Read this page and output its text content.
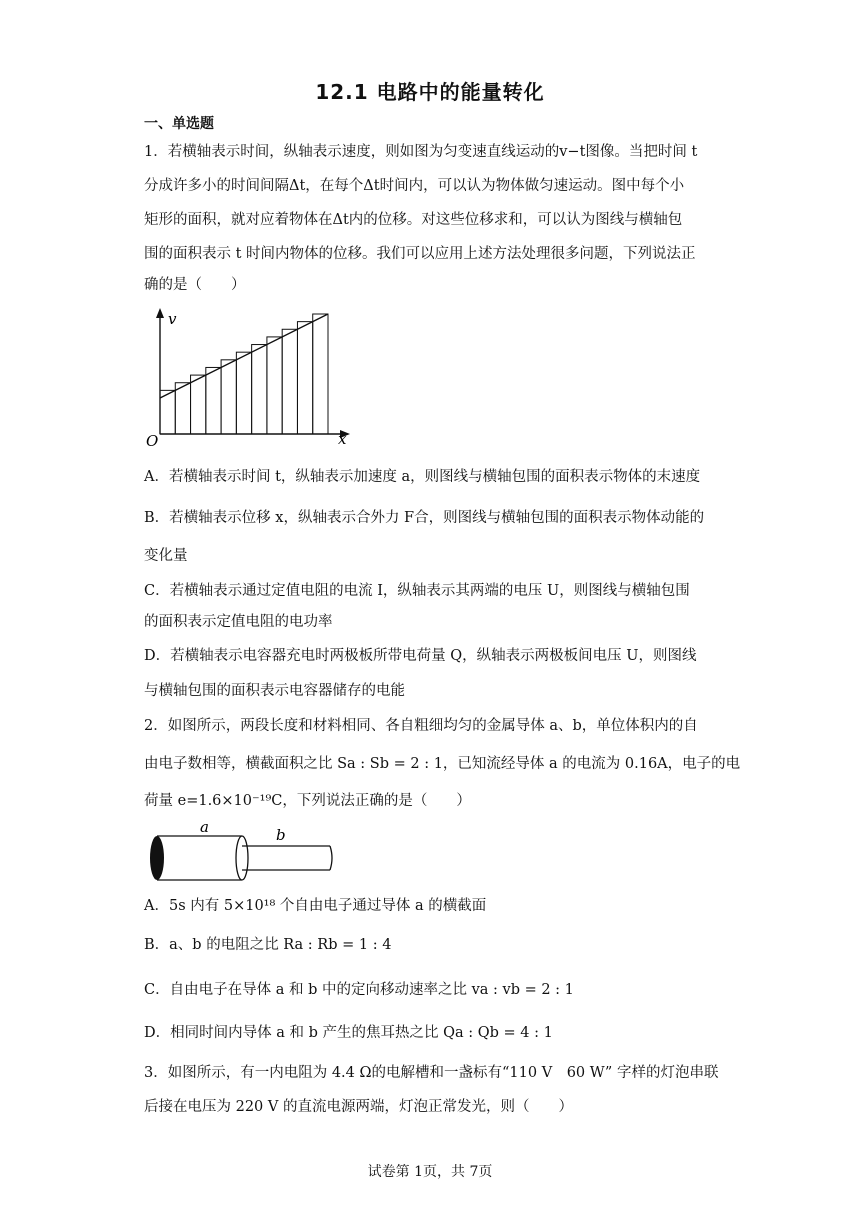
12.1 电路中的能量转化
一、单选题
1．若横轴表示时间，纵轴表示速度，则如图为匀变速直线运动的v−t图像。当把时间 t
分成许多小的时间间隔Δt，在每个Δt时间内，可以认为物体做匀速运动。图中每个小
矩形的面积，就对应着物体在Δt内的位移。对这些位移求和，可以认为图线与横轴包
围的面积表示 t 时间内物体的位移。我们可以应用上述方法处理很多问题，下列说法正
确的是（　　）
v
x
O
A．若横轴表示时间 t，纵轴表示加速度 a，则图线与横轴包围的面积表示物体的末速度
B．若横轴表示位移 x，纵轴表示合外力 F合，则图线与横轴包围的面积表示物体动能的
变化量
C．若横轴表示通过定值电阻的电流 I，纵轴表示其两端的电压 U，则图线与横轴包围
的面积表示定值电阻的电功率
D．若横轴表示电容器充电时两极板所带电荷量 Q，纵轴表示两极板间电压 U，则图线
与横轴包围的面积表示电容器储存的电能
2．如图所示，两段长度和材料相同、各自粗细均匀的金属导体 a、b，单位体积内的自
由电子数相等，横截面积之比 Sa : Sb = 2 : 1，已知流经导体 a 的电流为 0.16A，电子的电
荷量 e=1.6×10⁻¹⁹C，下列说法正确的是（　　）
a	b
A．5s 内有 5×10¹⁸ 个自由电子通过导体 a 的横截面
B．a、b 的电阻之比 Ra : Rb = 1 : 4
C．自由电子在导体 a 和 b 中的定向移动速率之比 va : vb = 2 : 1
D．相同时间内导体 a 和 b 产生的焦耳热之比 Qa : Qb = 4 : 1
3．如图所示，有一内电阻为 4.4 Ω的电解槽和一盏标有“110 V　60 W” 字样的灯泡串联
后接在电压为 220 V 的直流电源两端，灯泡正常发光，则（　　）
试卷第 1页，共 7页
